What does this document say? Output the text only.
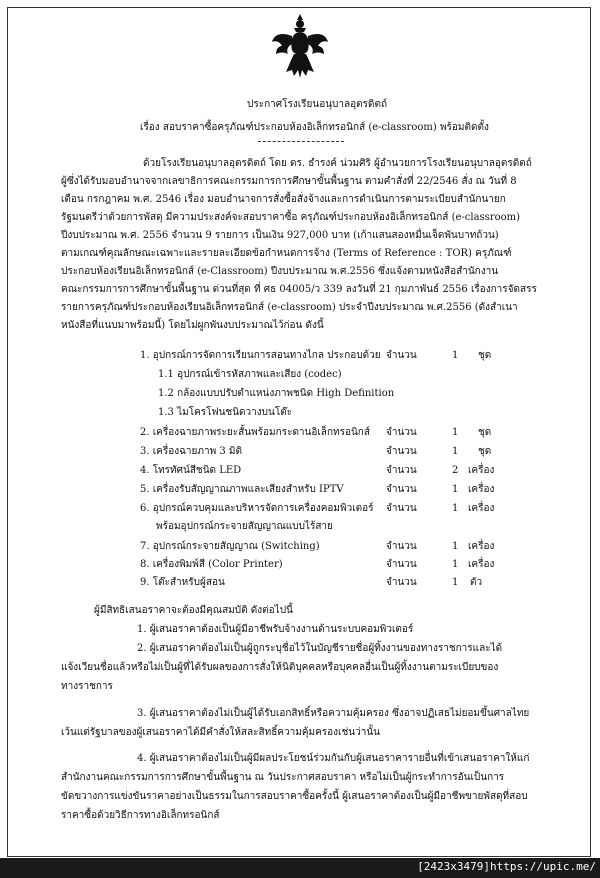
ประกาศโรงเรียนอนุบาลอุตรดิตถ์
เรื่อง สอบราคาซื้อครุภัณฑ์ประกอบห้องอิเล็กทรอนิกส์ (e-classroom) พร้อมติดตั้ง
ด้วยโรงเรียนอนุบาลอุตรดิตถ์ โดย ดร. ธำรงค์ น่วมศิริ ผู้อำนวยการโรงเรียนอนุบาลอุตรดิตถ์
ผู้ซึ่งได้รับมอบอำนาจจากเลขาธิการคณะกรรมการการศึกษาขั้นพื้นฐาน ตามคำสั่งที่ 22/2546 สั่ง ณ วันที่ 8
เดือน กรกฎาคม พ.ศ. 2546 เรื่อง มอบอำนาจการสั่งซื้อสั่งจ้างและการดำเนินการตามระเบียบสำนักนายก
รัฐมนตรีว่าด้วยการพัสดุ มีความประสงค์จะสอบราคาซื้อ ครุภัณฑ์ประกอบห้องอิเล็กทรอนิกส์ (e-classroom)
ปีงบประมาณ พ.ศ. 2556 จำนวน 9 รายการ เป็นเงิน 927,000 บาท (เก้าแสนสองหมื่นเจ็ดพันบาทถ้วน)
ตามเกณฑ์คุณลักษณะเฉพาะและรายละเอียดข้อกำหนดการจ้าง (Terms of Reference : TOR) ครุภัณฑ์
ประกอบห้องเรียนอิเล็กทรอนิกส์ (e-Classroom) ปีงบประมาณ พ.ศ.2556 ซึ่งแจ้งตามหนังสือสำนักงาน
คณะกรรมการการศึกษาขั้นพื้นฐาน ด่วนที่สุด ที่ ศธ 04005/ว 339 ลงวันที่ 21 กุมภาพันธ์ 2556 เรื่องการจัดสรร
รายการครุภัณฑ์ประกอบห้องเรียนอิเล็กทรอนิกส์ (e-classroom) ประจำปีงบประมาณ พ.ศ.2556 (ดังสำเนา
หนังสือที่แนบมาพร้อมนี้) โดยไม่ผูกพันงบประมาณไว้ก่อน ดังนี้
1. อุปกรณ์การจัดการเรียนการสอนทางไกล ประกอบด้วย จำนวน	1 ชุด
1.1 อุปกรณ์เข้ารหัสภาพและเสียง (codec)
1.2 กล้องแบบปรับตำแหน่งภาพชนิด High Definition
1.3 ไมโครโฟนชนิดวางบนโต๊ะ
2. เครื่องฉายภาพระยะสั้นพร้อมกระดานอิเล็กทรอนิกส์ จำนวน	1 ชุด
3. เครื่องฉายภาพ 3 มิติ	จำนวน	1 ชุด
4. โทรทัศน์สีชนิด LED	จำนวน	2 เครื่อง
5. เครื่องรับสัญญาณภาพและเสียงสำหรับ IPTV	จำนวน	1 เครื่อง
6. อุปกรณ์ควบคุมและบริหารจัดการเครื่องคอมพิวเตอร์ จำนวน	1 เครื่อง
พร้อมอุปกรณ์กระจายสัญญาณแบบไร้สาย
7. อุปกรณ์กระจายสัญญาณ (Switching)	จำนวน	1 เครื่อง
8. เครื่องพิมพ์สี (Color Printer)	จำนวน	1 เครื่อง
9. โต๊ะสำหรับผู้สอน	จำนวน	1 ตัว
ผู้มีสิทธิเสนอราคาจะต้องมีคุณสมบัติ ดังต่อไปนี้
1. ผู้เสนอราคาต้องเป็นผู้มีอาชีพรับจ้างงานด้านระบบคอมพิวเตอร์
2. ผู้เสนอราคาต้องไม่เป็นผู้ถูกระบุชื่อไว้ในบัญชีรายชื่อผู้ทิ้งงานของทางราชการและได้
แจ้งเวียนชื่อแล้วหรือไม่เป็นผู้ที่ได้รับผลของการสั่งให้นิติบุคคลหรือบุคคลอื่นเป็นผู้ทิ้งงานตามระเบียบของ
ทางราชการ
3. ผู้เสนอราคาต้องไม่เป็นผู้ได้รับเอกสิทธิ์หรือความคุ้มครอง ซึ่งอาจปฏิเสธไม่ยอมขึ้นศาลไทย
เว้นแต่รัฐบาลของผู้เสนอราคาได้มีคำสั่งให้สละสิทธิ์ความคุ้มครองเช่นว่านั้น
4. ผู้เสนอราคาต้องไม่เป็นผู้มีผลประโยชน์ร่วมกันกับผู้เสนอราคารายอื่นที่เข้าเสนอราคาให้แก่
สำนักงานคณะกรรมการการศึกษาขั้นพื้นฐาน ณ วันประกาศสอบราคา หรือไม่เป็นผู้กระทำการอันเป็นการ
ขัดขวางการแข่งขันราคาอย่างเป็นธรรมในการสอบราคาซื้อครั้งนี้ ผู้เสนอราคาต้องเป็นผู้มีอาชีพขายพัสดุที่สอบ
ราคาซื้อด้วยวิธีการทางอิเล็กทรอนิกส์
[2423x3479]https://upic.me/
